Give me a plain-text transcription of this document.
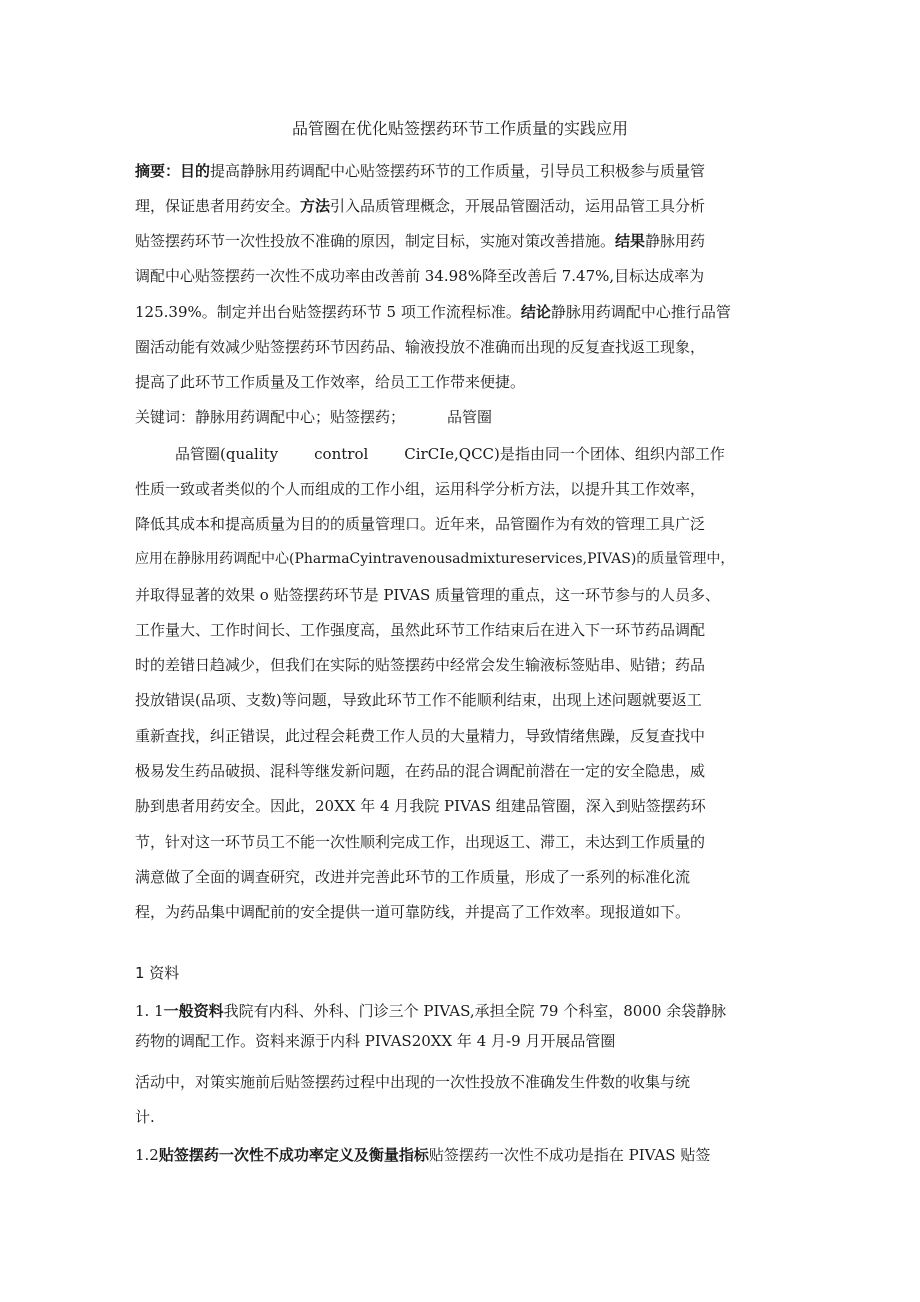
品管圈在优化贴签摆药环节工作质量的实践应用
摘要：目的提高静脉用药调配中心贴签摆药环节的工作质量，引导员工积极参与质量管
理，保证患者用药安全。方法引入品质管理概念，开展品管圈活动，运用品管工具分析
贴签摆药环节一次性投放不准确的原因，制定目标，实施对策改善措施。结果静脉用药
调配中心贴签摆药一次性不成功率由改善前 34.98%降至改善后 7.47%,目标达成率为
125.39%。制定并出台贴签摆药环节 5 项工作流程标准。结论静脉用药调配中心推行品管
圈活动能有效减少贴签摆药环节因药品、输液投放不准确而出现的反复查找返工现象，
提高了此环节工作质量及工作效率，给员工工作带来便捷。
关键词：静脉用药调配中心；贴签摆药；	品管圈
品管圈(quality control CirCIe,QCC)是指由同一个团体、组织内部工作
性质一致或者类似的个人而组成的工作小组，运用科学分析方法，以提升其工作效率，
降低其成本和提高质量为目的的质量管理口。近年来，品管圈作为有效的管理工具广泛
应用在静脉用药调配中心(PharmaCyintravenousadmixtureservices,PIVAS)的质量管理中，
并取得显著的效果 o 贴签摆药环节是 PIVAS 质量管理的重点，这一环节参与的人员多、
工作量大、工作时间长、工作强度高，虽然此环节工作结束后在进入下一环节药品调配
时的差错日趋减少，但我们在实际的贴签摆药中经常会发生输液标签贴串、贴错；药品
投放错误(品项、支数)等问题，导致此环节工作不能顺利结束，出现上述问题就要返工
重新查找，纠正错误，此过程会耗费工作人员的大量精力，导致情绪焦躁，反复查找中
极易发生药品破损、混科等继发新问题，在药品的混合调配前潜在一定的安全隐患，威
胁到患者用药安全。因此，20XX 年 4 月我院 PIVAS 组建品管圈，深入到贴签摆药环
节，针对这一环节员工不能一次性顺利完成工作，出现返工、滞工，未达到工作质量的
满意做了全面的调查研究，改进并完善此环节的工作质量，形成了一系列的标准化流
程，为药品集中调配前的安全提供一道可靠防线，并提高了工作效率。现报道如下。
1 资料
1. 1一般资料我院有内科、外科、门诊三个 PIVAS,承担全院 79 个科室，8000 余袋静脉
药物的调配工作。资料来源于内科 PIVAS20XX 年 4 月-9 月开展品管圈
活动中，对策实施前后贴签摆药过程中出现的一次性投放不准确发生件数的收集与统
计.
1.2贴签摆药一次性不成功率定义及衡量指标贴签摆药一次性不成功是指在 PIVAS 贴签
